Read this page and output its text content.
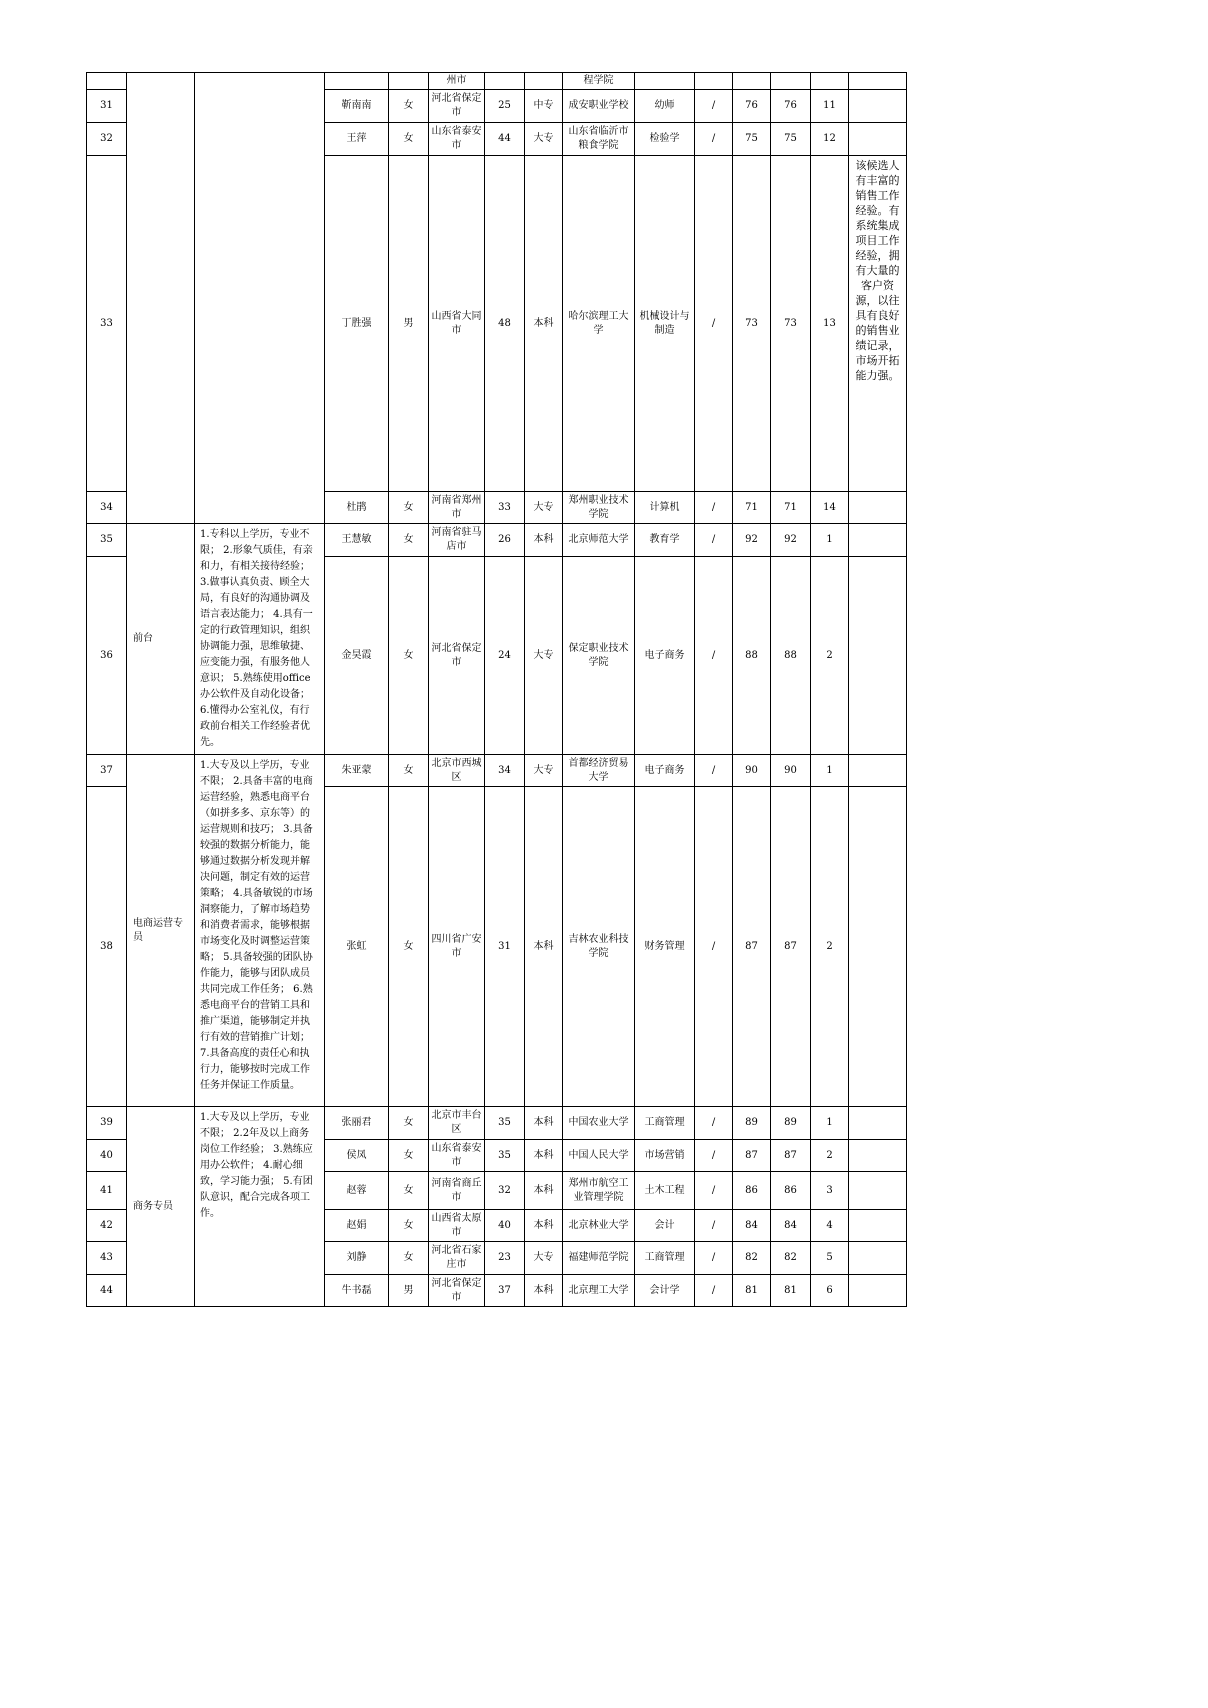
					州市			程学院						
31			靳南南	女	河北省保定市	25	中专	成安职业学校	幼师	/	76	76	11	
32			王萍	女	山东省泰安市	44	大专	山东省临沂市粮食学院	检验学	/	75	75	12	
33			丁胜强	男	山西省大同市	48	本科	哈尔滨理工大学	机械设计与制造	/	73	73	13	该候选人有丰富的销售工作经验。有系统集成项目工作经验，拥有大量的客户资源，以往具有良好的销售业绩记录，市场开拓能力强。
34			杜鹃	女	河南省郑州市	33	大专	郑州职业技术学院	计算机	/	71	71	14	
35	前台	1.专科以上学历，专业不限； 2.形象气质佳，有亲和力，有相关接待经验； 3.做事认真负责、顾全大局，有良好的沟通协调及语言表达能力； 4.具有一定的行政管理知识，组织协调能力强，思维敏捷、应变能力强，有服务他人意识； 5.熟练使用office办公软件及自动化设备； 6.懂得办公室礼仪，有行政前台相关工作经验者优先。	王慧敏	女	河南省驻马店市	26	本科	北京师范大学	教育学	/	92	92	1	
36			金昊霞	女	河北省保定市	24	大专	保定职业技术学院	电子商务	/	88	88	2	
37	电商运营专员	1.大专及以上学历，专业不限； 2.具备丰富的电商运营经验，熟悉电商平台（如拼多多、京东等）的运营规则和技巧； 3.具备较强的数据分析能力，能够通过数据分析发现并解决问题，制定有效的运营策略； 4.具备敏锐的市场洞察能力，了解市场趋势和消费者需求，能够根据市场变化及时调整运营策略； 5.具备较强的团队协作能力，能够与团队成员共同完成工作任务； 6.熟悉电商平台的营销工具和推广渠道，能够制定并执行有效的营销推广计划； 7.具备高度的责任心和执行力，能够按时完成工作任务并保证工作质量。	朱亚蒙	女	北京市西城区	34	大专	首都经济贸易大学	电子商务	/	90	90	1	
38			张虹	女	四川省广安市	31	本科	吉林农业科技学院	财务管理	/	87	87	2	
39	商务专员	1.大专及以上学历，专业不限； 2.2年及以上商务岗位工作经验； 3.熟练应用办公软件； 4.耐心细致，学习能力强； 5.有团队意识，配合完成各项工作。	张丽君	女	北京市丰台区	35	本科	中国农业大学	工商管理	/	89	89	1	
40			侯凤	女	山东省泰安市	35	本科	中国人民大学	市场营销	/	87	87	2	
41			赵蓉	女	河南省商丘市	32	本科	郑州市航空工业管理学院	土木工程	/	86	86	3	
42			赵娟	女	山西省太原市	40	本科	北京林业大学	会计	/	84	84	4	
43			刘静	女	河北省石家庄市	23	大专	福建师范学院	工商管理	/	82	82	5	
44			牛书磊	男	河北省保定市	37	本科	北京理工大学	会计学	/	81	81	6	
